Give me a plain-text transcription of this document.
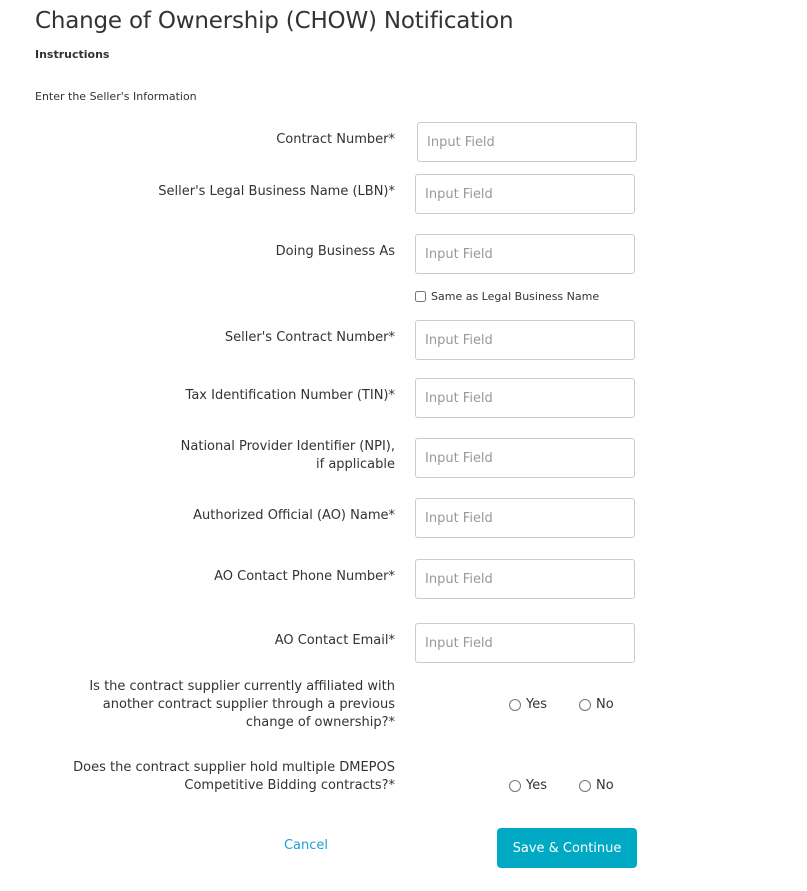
Change of Ownership (CHOW) Notification
Instructions
Enter the Seller's Information
Contract Number*
Input Field
Seller's Legal Business Name (LBN)*
Input Field
Doing Business As
Input Field
Same as Legal Business Name
Seller's Contract Number*
Input Field
Tax Identification Number (TIN)*
Input Field
National Provider Identifier (NPI),
if applicable
Input Field
Authorized Official (AO) Name*
Input Field
AO Contact Phone Number*
Input Field
AO Contact Email*
Input Field
Is the contract supplier currently affiliated with
another contract supplier through a previous
change of ownership?*
Yes	No
Does the contract supplier hold multiple DMEPOS
Competitive Bidding contracts?*	Yes	No
Cancel	Save & Continue
